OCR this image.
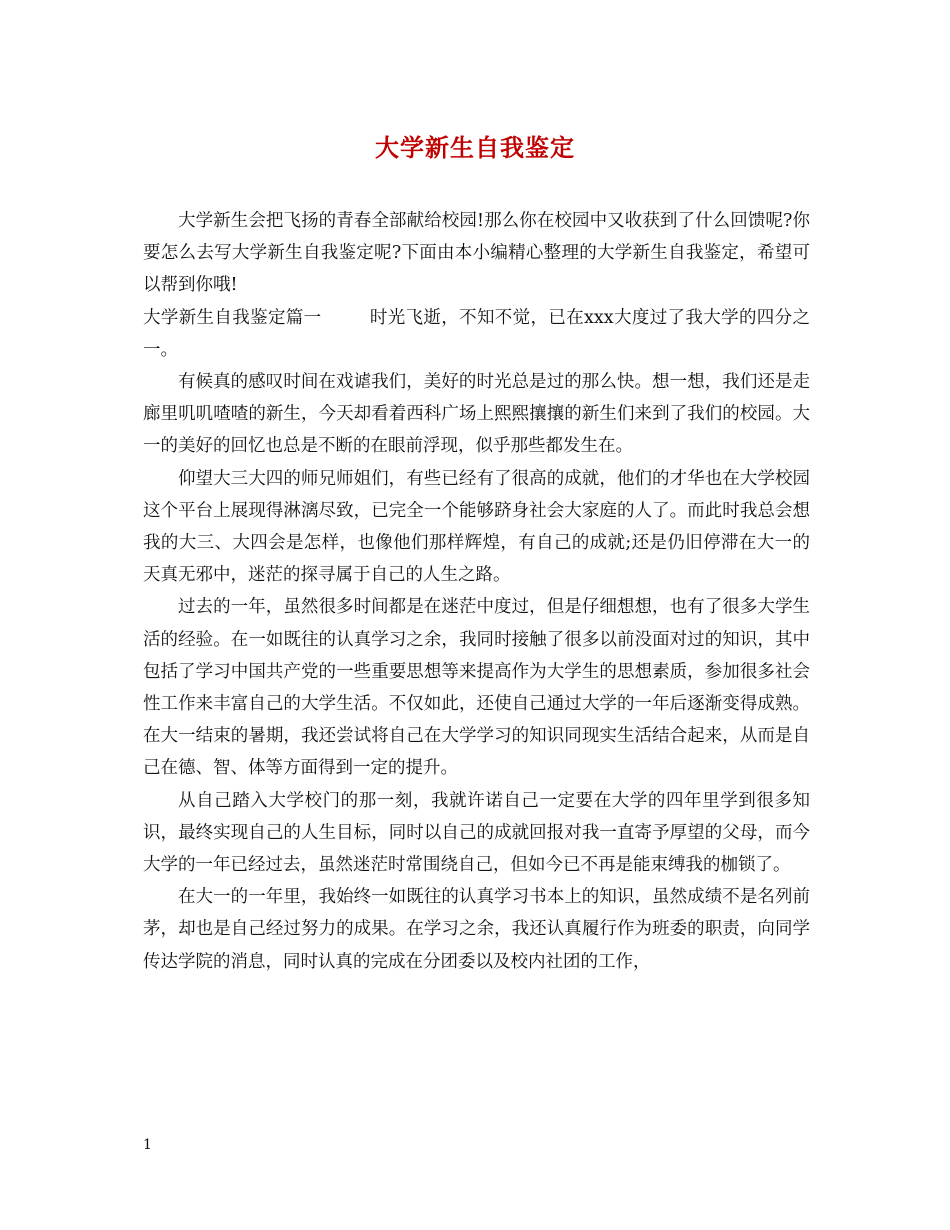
大学新生自我鉴定

大学新生会把飞扬的青春全部献给校园!那么你在校园中又收获到了什么回馈呢?你要怎么去写大学新生自我鉴定呢?下面由本小编精心整理的大学新生自我鉴定，希望可以帮到你哦!

大学新生自我鉴定篇一	时光飞逝，不知不觉，已在xxx大度过了我大学的四分之一。

有候真的感叹时间在戏谑我们，美好的时光总是过的那么快。想一想，我们还是走廊里叽叽喳喳的新生，今天却看着西科广场上熙熙攘攘的新生们来到了我们的校园。大一的美好的回忆也总是不断的在眼前浮现，似乎那些都发生在。

仰望大三大四的师兄师姐们，有些已经有了很高的成就，他们的才华也在大学校园这个平台上展现得淋漓尽致，已完全一个能够跻身社会大家庭的人了。而此时我总会想我的大三、大四会是怎样，也像他们那样辉煌，有自己的成就;还是仍旧停滞在大一的天真无邪中，迷茫的探寻属于自己的人生之路。

过去的一年，虽然很多时间都是在迷茫中度过，但是仔细想想，也有了很多大学生活的经验。在一如既往的认真学习之余，我同时接触了很多以前没面对过的知识，其中包括了学习中国共产党的一些重要思想等来提高作为大学生的思想素质，参加很多社会性工作来丰富自己的大学生活。不仅如此，还使自己通过大学的一年后逐渐变得成熟。在大一结束的暑期，我还尝试将自己在大学学习的知识同现实生活结合起来，从而是自己在德、智、体等方面得到一定的提升。

从自己踏入大学校门的那一刻，我就许诺自己一定要在大学的四年里学到很多知识，最终实现自己的人生目标，同时以自己的成就回报对我一直寄予厚望的父母，而今大学的一年已经过去，虽然迷茫时常围绕自己，但如今已不再是能束缚我的枷锁了。

在大一的一年里，我始终一如既往的认真学习书本上的知识，虽然成绩不是名列前茅，却也是自己经过努力的成果。在学习之余，我还认真履行作为班委的职责，向同学传达学院的消息，同时认真的完成在分团委以及校内社团的工作，

1
